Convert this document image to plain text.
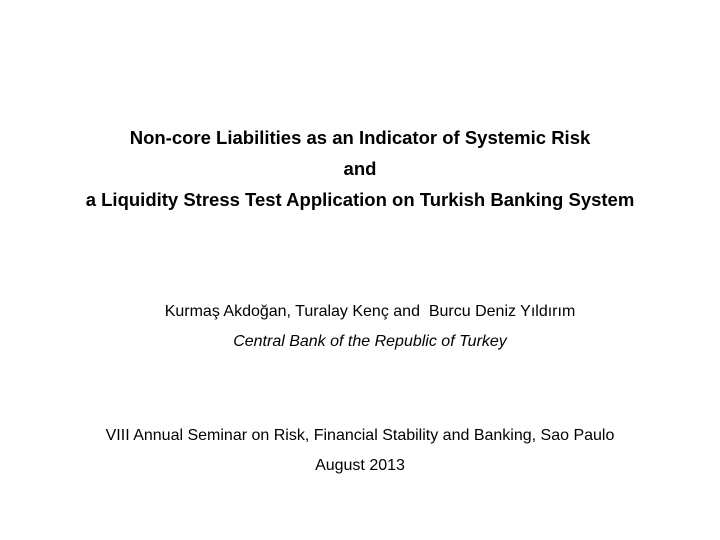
Non-core Liabilities as an Indicator of Systemic Risk
and
a Liquidity Stress Test Application on Turkish Banking System
Kurmaş Akdoğan, Turalay Kenç and  Burcu Deniz Yıldırım
Central Bank of the Republic of Turkey
VIII Annual Seminar on Risk, Financial Stability and Banking, Sao Paulo
August 2013
